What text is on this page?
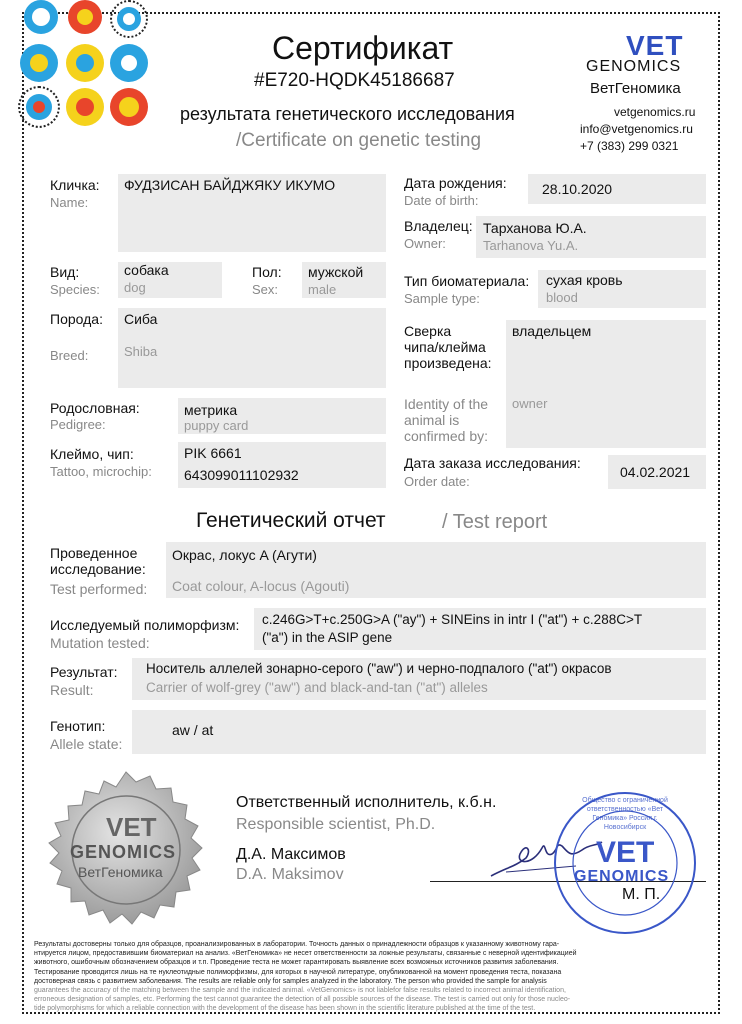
Сертификат
#E720-HQDK45186687
результата генетического исследования
/Certificate on genetic testing
VET
GENOMICS
ВетГеномика
vetgenomics.ru
info@vetgenomics.ru
+7 (383) 299 0321
Кличка:
Name:
ФУДЗИСАН БАЙДЖЯКУ ИКУМО	Дата рождения:
Date of birth:
28.10.2020
Владелец:
Owner:
Тарханова Ю.А.
Tarhanova Yu.A.
Вид:
Species:
собака
dog
Пол:
Sex:
мужской
male
Тип биоматериала:
Sample type:
сухая кровь
blood
Порода:
Breed:
Сиба
Shiba
Сверка
чипа/клейма
произведена:
Identity of the
animal is
confirmed by:
владельцем
owner
Родословная:
Pedigree:
метрика
puppy card
Клеймо, чип:
Tattoo, microchip:
PIK 6661
643099011102932
Дата заказа исследования:
Order date:
04.02.2021
Генетический отчет	/ Test report
Проведенное
исследование:
Test performed:
Окрас, локус A (Агути)
Coat colour, A-locus (Agouti)
Исследуемый полиморфизм:
Mutation tested:
c.246G>T+c.250G>A ("ay") + SINEins in intr I ("at") + c.288C>T
("a") in the ASIP gene
Результат:
Result:
Носитель аллелей зонарно-серого ("aw") и черно-подпалого ("at") окрасов
Carrier of wolf-grey ("aw") and black-and-tan ("at") alleles
Генотип:
Allele state:
aw / at
VET
GENOMICS
ВетГеномика
Ответственный исполнитель, к.б.н.
Responsible scientist, Ph.D.
Д.А. Максимов
D.A. Maksimov
Общество с ограниченной ответственностью «Вет Геномика» Россия г. Новосибирск
VET
GENOMICS
М. П.
Результаты достоверны только для образцов, проанализированных в лаборатории. Точность данных о принадлежности образцов к указанному животному гара-
нтируется лицом, предоставившим биоматериал на анализ. «ВетГеномика» не несет ответственности за ложные результаты, связанные с неверной идентификацией
животного, ошибочным обозначением образцов и т.п. Проведение теста не может гарантировать выявление всех возможных источников развития заболевания.
Тестирование проводится лишь на те нуклеотидные полиморфизмы, для которых в научной литературе, опубликованной на момент проведения теста, показана
достоверная связь с развитием заболевания. The results are reliable only for samples analyzed in the laboratory. The person who provided the sample for analysis
guarantees the accuracy of the matching between the sample and the indicated animal. «VetGenomics» is not liablefor false results related to incorrect animal identification,
erroneous designation of samples, etc. Performing the test cannot guarantee the detection of all possible sources of the disease. The test is carried out only for those nucleo-
tide polymorphisms for which a reliable connection with the development of the disease has been shown in the scientific literature published at the time of the test.
